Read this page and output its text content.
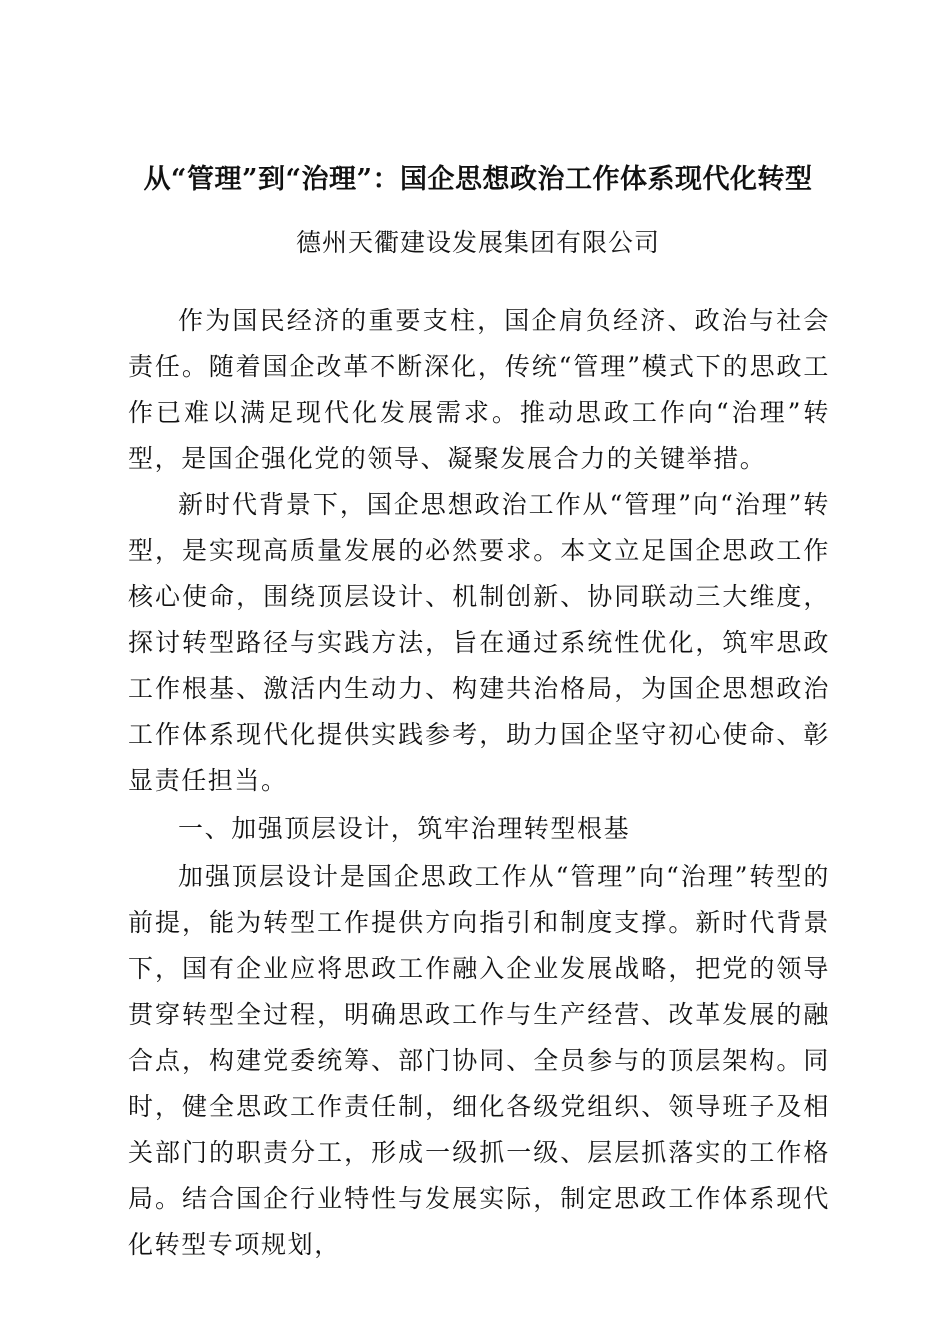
从“管理”到“治理”：国企思想政治工作体系现代化转型
德州天衢建设发展集团有限公司

作为国民经济的重要支柱，国企肩负经济、政治与社会责任。随着国企改革不断深化，传统“管理”模式下的思政工作已难以满足现代化发展需求。推动思政工作向“治理”转型，是国企强化党的领导、凝聚发展合力的关键举措。

新时代背景下，国企思想政治工作从“管理”向“治理”转型，是实现高质量发展的必然要求。本文立足国企思政工作核心使命，围绕顶层设计、机制创新、协同联动三大维度，探讨转型路径与实践方法，旨在通过系统性优化，筑牢思政工作根基、激活内生动力、构建共治格局，为国企思想政治工作体系现代化提供实践参考，助力国企坚守初心使命、彰显责任担当。

一、加强顶层设计，筑牢治理转型根基

加强顶层设计是国企思政工作从“管理”向“治理”转型的前提，能为转型工作提供方向指引和制度支撑。新时代背景下，国有企业应将思政工作融入企业发展战略，把党的领导贯穿转型全过程，明确思政工作与生产经营、改革发展的融合点，构建党委统筹、部门协同、全员参与的顶层架构。同时，健全思政工作责任制，细化各级党组织、领导班子及相关部门的职责分工，形成一级抓一级、层层抓落实的工作格局。结合国企行业特性与发展实际，制定思政工作体系现代化转型专项规划，
